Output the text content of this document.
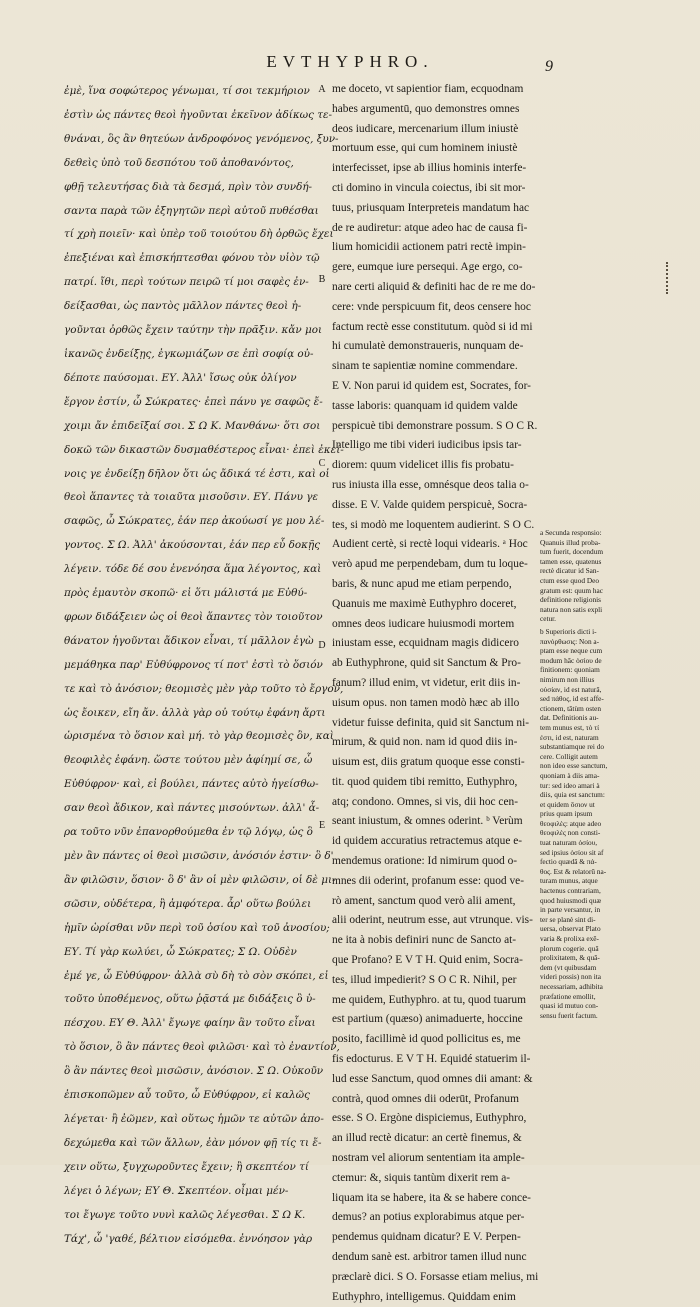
EVTHYPHRO.	9
ἐμὲ, ἵνα σοφώτερος γένωμαι, τί σοι τεκμήριον
ἐστὶν ὡς πάντες θεοὶ ἡγοῦνται ἐκεῖνον ἀδίκως τε-
θνάναι, ὃς ἂν θητεύων ἀνδροφόνος γενόμενος, ξυν-
δεθεὶς ὑπὸ τοῦ δεσπότου τοῦ ἀποθανόντος,
φθῇ τελευτήσας διὰ τὰ δεσμά, πρὶν τὸν συνδή-
σαντα παρὰ τῶν ἐξηγητῶν περὶ αὐτοῦ πυθέσθαι
τί χρὴ ποιεῖν· καὶ ὑπὲρ τοῦ τοιούτου δὴ ὀρθῶς ἔχει
ἐπεξιέναι καὶ ἐπισκήπτεσθαι φόνου τὸν υἱὸν τῷ
πατρί. ἴθι, περὶ τούτων πειρῶ τί μοι σαφὲς ἐν-
δείξασθαι, ὡς παντὸς μᾶλλον πάντες θεοὶ ἡ-
γοῦνται ὀρθῶς ἔχειν ταύτην τὴν πρᾶξιν. κἄν μοι
ἱκανῶς ἐνδείξῃς, ἐγκωμιάζων σε ἐπὶ σοφίᾳ οὐ-
δέποτε παύσομαι. ΕΥ. Ἀλλ' ἴσως οὐκ ὀλίγον
ἔργον ἐστίν, ὦ Σώκρατες· ἐπεὶ πάνυ γε σαφῶς ἔ-
χοιμι ἄν ἐπιδεῖξαί σοι. Σ Ω Κ. Μανθάνω· ὅτι σοι
δοκῶ τῶν δικαστῶν δυσμαθέστερος εἶναι· ἐπεὶ ἐκεί-
νοις γε ἐνδείξῃ δῆλον ὅτι ὡς ἄδικά τέ ἐστι, καὶ οἱ
θεοὶ ἅπαντες τὰ τοιαῦτα μισοῦσιν. ΕΥ. Πάνυ γε
σαφῶς, ὦ Σώκρατες, ἐάν περ ἀκούωσί γε μου λέ-
γοντος. Σ Ω. Ἀλλ' ἀκούσονται, ἐάν περ εὖ δοκῇς
λέγειν. τόδε δέ σου ἐνενόησα ἅμα λέγοντος, καὶ
πρὸς ἐμαυτὸν σκοπῶ· εἰ ὅτι μάλιστά με Εὐθύ-
φρων διδάξειεν ὡς οἱ θεοὶ ἅπαντες τὸν τοιοῦτον
θάνατον ἡγοῦνται ἄδικον εἶναι, τί μᾶλλον ἐγὼ
μεμάθηκα παρ' Εὐθύφρονος τί ποτ' ἐστὶ τὸ ὅσιόν
τε καὶ τὸ ἀνόσιον; θεομισὲς μὲν γὰρ τοῦτο τὸ ἔργον,
ὡς ἔοικεν, εἴη ἄν. ἀλλὰ γὰρ οὐ τούτῳ ἐφάνη ἄρτι
ὡρισμένα τὸ ὅσιον καὶ μή. τὸ γὰρ θεομισὲς ὂν, καὶ
θεοφιλὲς ἐφάνη. ὥστε τούτου μὲν ἀφίημί σε, ὦ
Εὐθύφρον· καὶ, εἰ βούλει, πάντες αὐτὸ ἡγείσθω-
σαν θεοὶ ἄδικον, καὶ πάντες μισούντων. ἀλλ' ἆ-
ρα τοῦτο νῦν ἐπανορθούμεθα ἐν τῷ λόγῳ, ὡς ὃ
μὲν ἂν πάντες οἱ θεοὶ μισῶσιν, ἀνόσιόν ἐστιν· ὃ δ'
ἂν φιλῶσιν, ὅσιον· ὃ δ' ἂν οἱ μὲν φιλῶσιν, οἱ δὲ μι-
σῶσιν, οὐδέτερα, ἢ ἀμφότερα. ἆρ' οὕτω βούλει
ἡμῖν ὡρίσθαι νῦν περὶ τοῦ ὁσίου καὶ τοῦ ἀνοσίου;
ΕΥ. Τί γὰρ κωλύει, ὦ Σώκρατες; Σ Ω. Οὐδὲν
ἐμέ γε, ὦ Εὐθύφρον· ἀλλὰ σὺ δὴ τὸ σὸν σκόπει, εἰ
τοῦτο ὑποθέμενος, οὕτω ῥᾷστά με διδάξεις ὃ ὑ-
πέσχου. ΕΥ Θ. Ἀλλ' ἔγωγε φαίην ἂν τοῦτο εἶναι
τὸ ὅσιον, ὃ ἂν πάντες θεοὶ φιλῶσι· καὶ τὸ ἐναντίον,
ὃ ἂν πάντες θεοὶ μισῶσιν, ἀνόσιον. Σ Ω. Οὐκοῦν
ἐπισκοπῶμεν αὖ τοῦτο, ὦ Εὐθύφρον, εἰ καλῶς
λέγεται· ἢ ἐῶμεν, καὶ οὕτως ἡμῶν τε αὐτῶν ἀπο-
δεχώμεθα καὶ τῶν ἄλλων, ἐὰν μόνον φῇ τίς τι ἔ-
χειν οὕτω, ξυγχωροῦντες ἔχειν; ἢ σκεπτέον τί
λέγει ὁ λέγων; ΕΥ Θ. Σκεπτέον. οἶμαι μέν-
τοι ἔγωγε τοῦτο νυνὶ καλῶς λέγεσθαι. Σ Ω Κ.
Τάχ', ὦ 'γαθέ, βέλτιον εἰσόμεθα. ἐννόησον γὰρ
A
B
C
D
E
me doceto, vt sapientior fiam, ecquodnam
habes argumentū, quo demonstres omnes
deos iudicare, mercenarium illum iniustè
mortuum esse, qui cum hominem iniustè
interfecisset, ipse ab illius hominis interfe-
cti domino in vincula coiectus, ibi sit mor-
tuus, priusquam Interpreteis mandatum hac
de re audiretur: atque adeo hac de causa fi-
lium homicidii actionem patri rectè impin-
gere, eumque iure persequi. Age ergo, co-
nare certi aliquid & definiti hac de re me do-
cere: vnde perspicuum fit, deos censere hoc
factum rectè esse constitutum. quòd si id mi
hi cumulatè demonstraueris, nunquam de-
sinam te sapientiæ nomine commendare.
E V. Non parui id quidem est, Socrates, for-
tasse laboris: quanquam id quidem valde
perspicuè tibi demonstrare possum. S O C R.
Intelligo me tibi videri iudicibus ipsis tar-
diorem: quum videlicet illis fis probatu-
rus iniusta illa esse, omnésque deos talia o-
disse. E V. Valde quidem perspicuè, Socra-
tes, si modò me loquentem audierint. S O C.
Audient certè, si rectè loqui videaris. ᵃ Hoc
verò apud me perpendebam, dum tu loque-
baris, & nunc apud me etiam perpendo,
Quanuis me maximè Euthyphro doceret,
omnes deos iudicare huiusmodi mortem
iniustam esse, ecquidnam magis didicero
ab Euthyphrone, quid sit Sanctum & Pro-
fanum? illud enim, vt videtur, erit diis in-
uisum opus. non tamen modò hæc ab illo
videtur fuisse definita, quid sit Sanctum ni-
mirum, & quid non. nam id quod diis in-
uisum est, diis gratum quoque esse consti-
tit. quod quidem tibi remitto, Euthyphro,
atq; condono. Omnes, si vis, dii hoc cen-
seant iniustum, & omnes oderint. ᵇ Verùm
id quidem accuratius retractemus atque e-
mendemus oratione: Id nimirum quod o-
mnes dii oderint, profanum esse: quod ve-
rò ament, sanctum quod verò alii ament,
alii oderint, neutrum esse, aut vtrunque. vis-
ne ita à nobis definiri nunc de Sancto at-
que Profano? E V T H. Quid enim, Socra-
tes, illud impedierit? S O C R. Nihil, per
me quidem, Euthyphro. at tu, quod tuarum
est partium (quæso) animaduerte, hoccine
posito, facillimè id quod pollicitus es, me
fis edocturus. E V T H. Equidé statuerim il-
lud esse Sanctum, quod omnes dii amant: &
contrà, quod omnes dii oderūt, Profanum
esse. S O. Ergòne dispiciemus, Euthyphro,
an illud rectè dicatur: an certè finemus, &
nostram vel aliorum sententiam ita ample-
ctemur: &, siquis tantùm dixerit rem a-
liquam ita se habere, ita & se habere conce-
demus? an potius explorabimus atque per-
pendemus quidnam dicatur? E V. Perpen-
dendum sanè est. arbitror tamen illud nunc
præclarè dici. S O. Forsasse etiam melius, mi
Euthyphro, intelligemus. Quiddam enim
a Secunda responsio:
Quanuis illud proba-
tum fuerit, docendum
tamen esse, quatenus
rectè dicatur id San-
ctum esse quod Deo
gratum est: quum hac
definitione religionis
natura non satis expli
cetur.
b Superioris dicti i-
πανόρθωσις: Non a-
ptam esse neque cum
modum hāc ὁσίου de
finitionem: quoniam
nimirum non illius
οὐσίαν, id est naturā,
sed πάθος, id est affe-
ctionem, tātùm osten
dat. Definitionis au-
tem munus est, τὸ τί
ἐστι, id est, naturam
substantiamque rei do
cere. Colligit autem
non ideo esse sanctum,
quoniam à diis ama-
tur: sed ideo amari à
diis, quia est sanctum:
et quidem ὅσιον ut
prius quam ipsum
θεοφιλὲς: atque adeo
θεοφιλὲς non consti-
tuat naturam ὁσίου,
sed ipsius ὁσίου sit af
fectio quædā & πά-
θος. Est & relatorū na-
turam munus, atque
hactenus contrariam,
quod huiusmodi quæ
in parte versantur, in
ter se planè sint di-
uersa, observat Plato
varia & prolixa exē-
plorum cogerie. quā
prolixitatem, & quā-
dem (vt quibusdam
videri possis) non ita
necessariam, adhibita
præfatione emollit,
quasi id mutuo con-
sensu fuerit factum.
